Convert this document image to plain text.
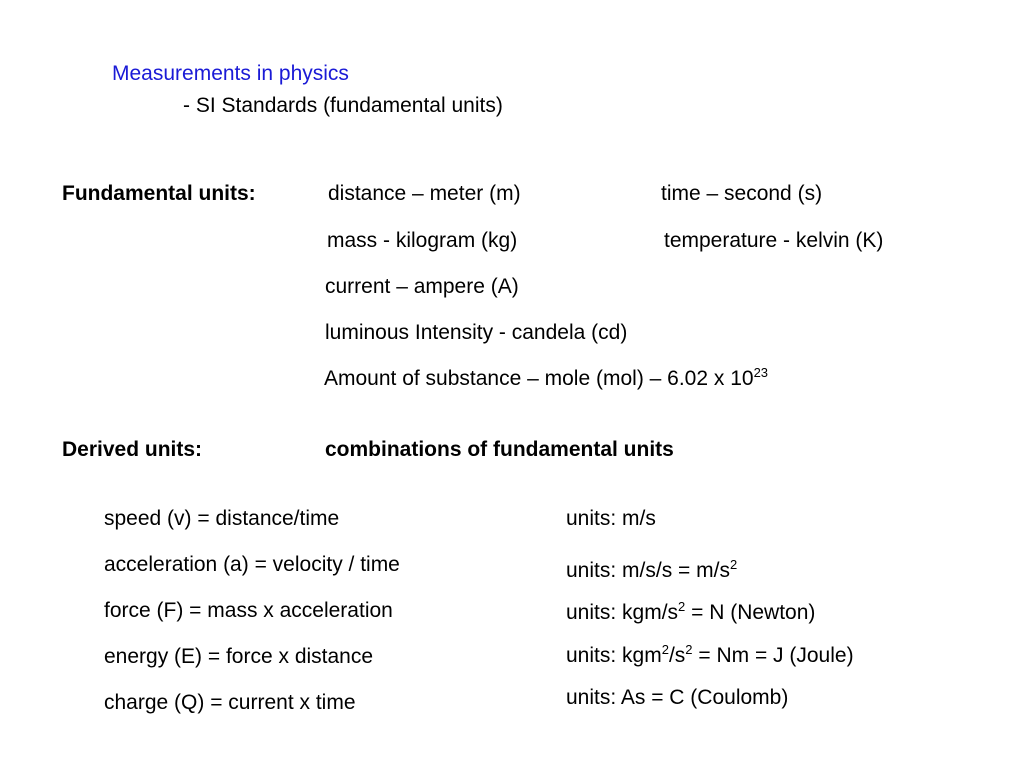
Measurements in physics
- SI Standards (fundamental units)
Fundamental units:	distance – meter (m)	time – second (s)
mass - kilogram (kg)	temperature - kelvin (K)
current – ampere (A)
luminous Intensity - candela (cd)
Amount of substance – mole (mol) – 6.02 x $10^{23}$
Derived units:	combinations of fundamental units
speed (v) = distance/time	units: m/s
acceleration (a) = velocity / time	units: $m/s/s = m/s^2$
force (F) = mass x acceleration	units: kgm/$s^2 = N$ (Newton)
energy (E) = force x distance	units: $kgm^2/s^2 = Nm = J$ (Joule)
charge (Q) = current x time	units: As = C (Coulomb)
